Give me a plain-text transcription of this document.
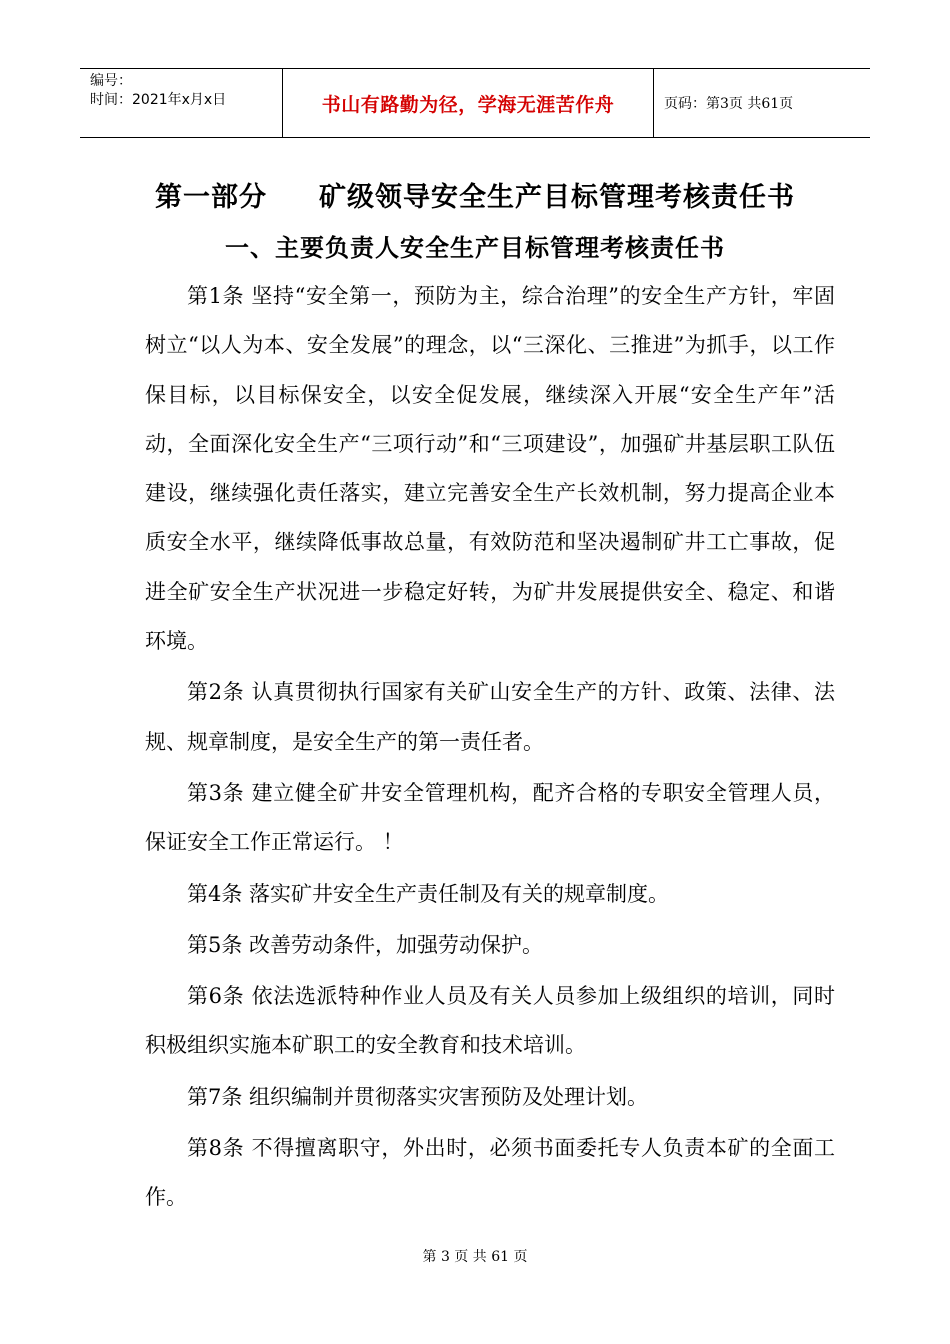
编号：
时间：2021年x月x日	书山有路勤为径，学海无涯苦作舟	页码：第3页 共61页
第一部分     矿级领导安全生产目标管理考核责任书
一、主要负责人安全生产目标管理考核责任书

第1条 坚持“安全第一，预防为主，综合治理”的安全生产方针，牢固树立“以人为本、安全发展”的理念，以“三深化、三推进”为抓手，以工作保目标，以目标保安全，以安全促发展，继续深入开展“安全生产年”活动，全面深化安全生产“三项行动”和“三项建设”，加强矿井基层职工队伍建设，继续强化责任落实，建立完善安全生产长效机制，努力提高企业本质安全水平，继续降低事故总量，有效防范和坚决遏制矿井工亡事故，促进全矿安全生产状况进一步稳定好转，为矿井发展提供安全、稳定、和谐环境。

第2条 认真贯彻执行国家有关矿山安全生产的方针、政策、法律、法规、规章制度，是安全生产的第一责任者。

第3条 建立健全矿井安全管理机构，配齐合格的专职安全管理人员，保证安全工作正常运行。 ！

第4条 落实矿井安全生产责任制及有关的规章制度。

第5条 改善劳动条件，加强劳动保护。

第6条 依法选派特种作业人员及有关人员参加上级组织的培训，同时积极组织实施本矿职工的安全教育和技术培训。

第7条 组织编制并贯彻落实灾害预防及处理计划。

第8条 不得擅离职守，外出时，必须书面委托专人负责本矿的全面工作。

第 3 页 共 61 页
